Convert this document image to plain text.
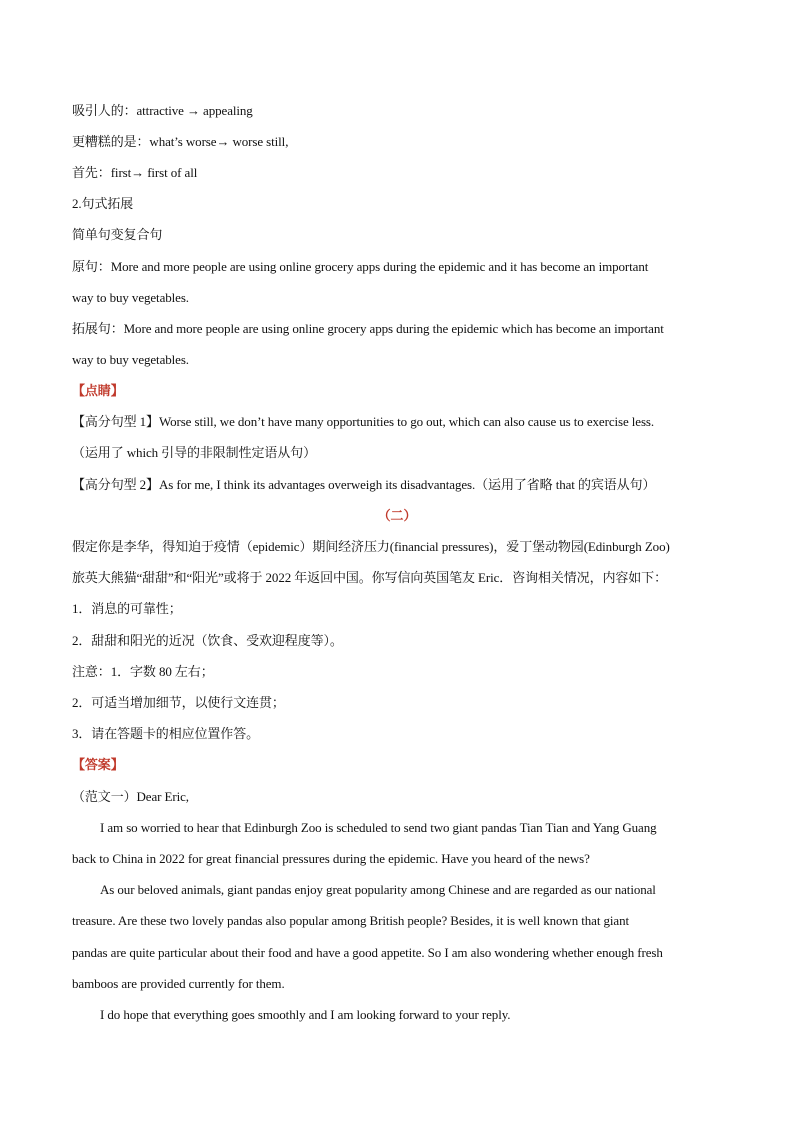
吸引人的：attractive → appealing
更糟糕的是：what’s worse→ worse still,
首先：first→ first of all
2.句式拓展
简单句变复合句
原句：More and more people are using online grocery apps during the epidemic and it has become an important
way to buy vegetables.
拓展句：More and more people are using online grocery apps during the epidemic which has become an important
way to buy vegetables.
【点睛】
【高分句型 1】Worse still, we don’t have many opportunities to go out, which can also cause us to exercise less.
（运用了 which 引导的非限制性定语从句）
【高分句型 2】As for me, I think its advantages overweigh its disadvantages.（运用了省略 that 的宾语从句）
（二）
假定你是李华，得知迫于疫情（epidemic）期间经济压力(financial pressures)，爱丁堡动物园(Edinburgh Zoo)
旅英大熊猫“甜甜”和“阳光”或将于 2022 年返回中国。你写信向英国笔友 Eric．咨询相关情况，内容如下：
1．消息的可靠性；
2．甜甜和阳光的近况（饮食、受欢迎程度等）。
注意：1．字数 80 左右；
2．可适当增加细节，以使行文连贯；
3．请在答题卡的相应位置作答。
【答案】
（范文一）Dear Eric,
I am so worried to hear that Edinburgh Zoo is scheduled to send two giant pandas Tian Tian and Yang Guang
back to China in 2022 for great financial pressures during the epidemic. Have you heard of the news?
As our beloved animals, giant pandas enjoy great popularity among Chinese and are regarded as our national
treasure. Are these two lovely pandas also popular among British people? Besides, it is well known that giant
pandas are quite particular about their food and have a good appetite. So I am also wondering whether enough fresh
bamboos are provided currently for them.
I do hope that everything goes smoothly and I am looking forward to your reply.
